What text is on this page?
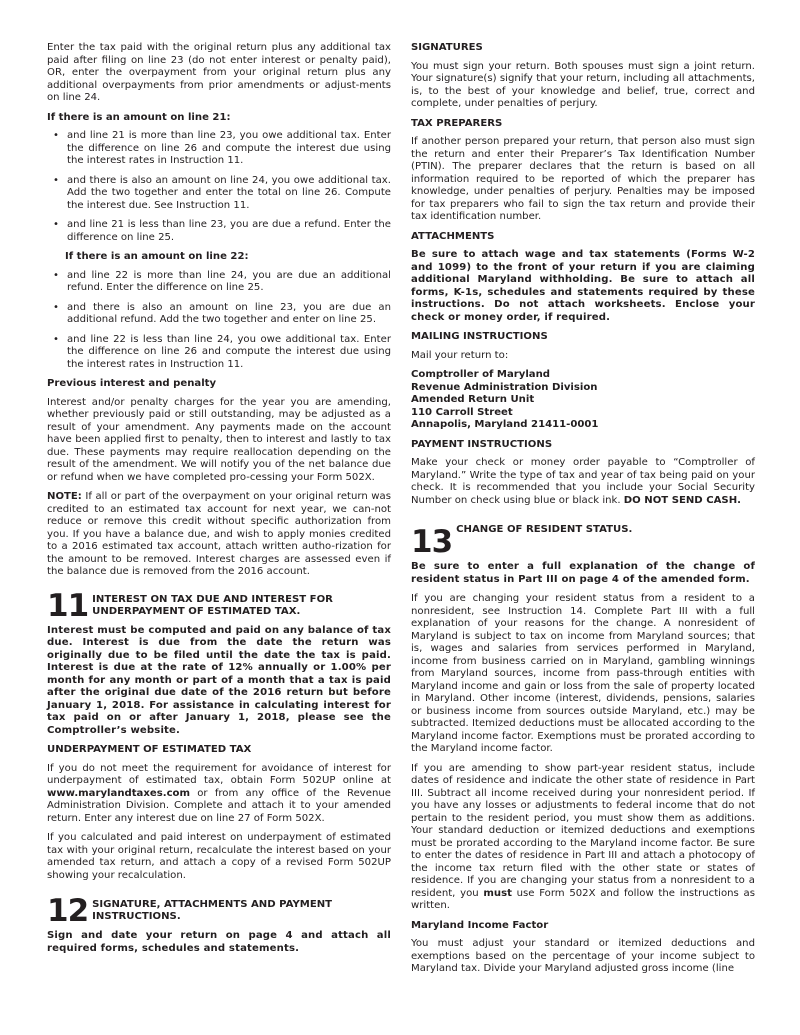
Enter the tax paid with the original return plus any additional tax paid after filing on line 23 (do not enter interest or penalty paid), OR, enter the overpayment from your original return plus any additional overpayments from prior amendments or adjust-ments on line 24.

If there is an amount on line 21:
• and line 21 is more than line 23, you owe additional tax. Enter the difference on line 26 and compute the interest due using the interest rates in Instruction 11.
• and there is also an amount on line 24, you owe additional tax. Add the two together and enter the total on line 26. Compute the interest due. See Instruction 11.
• and line 21 is less than line 23, you are due a refund. Enter the difference on line 25.
If there is an amount on line 22:
• and line 22 is more than line 24, you are due an additional refund. Enter the difference on line 25.
• and there is also an amount on line 23, you are due an additional refund. Add the two together and enter on line 25.
• and line 22 is less than line 24, you owe additional tax. Enter the difference on line 26 and compute the interest due using the interest rates in Instruction 11.
Previous interest and penalty

Interest and/or penalty charges for the year you are amending, whether previously paid or still outstanding, may be adjusted as a result of your amendment. Any payments made on the account have been applied first to penalty, then to interest and lastly to tax due. These payments may require reallocation depending on the result of the amendment. We will notify you of the net balance due or refund when we have completed pro-cessing your Form 502X.

NOTE: If all or part of the overpayment on your original return was credited to an estimated tax account for next year, we can-not reduce or remove this credit without specific authorization from you. If you have a balance due, and wish to apply monies credited to a 2016 estimated tax account, attach written autho-rization for the amount to be removed. Interest charges are assessed even if the balance due is removed from the 2016 account.

11 INTEREST ON TAX DUE AND INTEREST FOR UNDERPAYMENT OF ESTIMATED TAX.

Interest must be computed and paid on any balance of tax due. Interest is due from the date the return was originally due to be filed until the date the tax is paid. Interest is due at the rate of 12% annually or 1.00% per month for any month or part of a month that a tax is paid after the original due date of the 2016 return but before January 1, 2018. For assistance in calculating interest for tax paid on or after January 1, 2018, please see the Comptroller’s website.

UNDERPAYMENT OF ESTIMATED TAX

If you do not meet the requirement for avoidance of interest for underpayment of estimated tax, obtain Form 502UP online at www.marylandtaxes.com or from any office of the Revenue Administration Division. Complete and attach it to your amended return. Enter any interest due on line 27 of Form 502X.

If you calculated and paid interest on underpayment of estimated tax with your original return, recalculate the interest based on your amended tax return, and attach a copy of a revised Form 502UP showing your recalculation.

12 SIGNATURE, ATTACHMENTS AND PAYMENT INSTRUCTIONS.

Sign and date your return on page 4 and attach all required forms, schedules and statements.

SIGNATURES

You must sign your return. Both spouses must sign a joint return. Your signature(s) signify that your return, including all attachments, is, to the best of your knowledge and belief, true, correct and complete, under penalties of perjury.

TAX PREPARERS

If another person prepared your return, that person also must sign the return and enter their Preparer’s Tax Identification Number (PTIN). The preparer declares that the return is based on all information required to be reported of which the preparer has knowledge, under penalties of perjury. Penalties may be imposed for tax preparers who fail to sign the tax return and provide their tax identification number.

ATTACHMENTS

Be sure to attach wage and tax statements (Forms W-2 and 1099) to the front of your return if you are claiming additional Maryland withholding. Be sure to attach all forms, K-1s, schedules and statements required by these instructions. Do not attach worksheets. Enclose your check or money order, if required.

MAILING INSTRUCTIONS

Mail your return to:

Comptroller of Maryland
Revenue Administration Division
Amended Return Unit
110 Carroll Street
Annapolis, Maryland 21411-0001
PAYMENT INSTRUCTIONS

Make your check or money order payable to “Comptroller of Maryland.” Write the type of tax and year of tax being paid on your check. It is recommended that you include your Social Security Number on check using blue or black ink. DO NOT SEND CASH.

13 CHANGE OF RESIDENT STATUS.

Be sure to enter a full explanation of the change of resident status in Part III on page 4 of the amended form.

If you are changing your resident status from a resident to a nonresident, see Instruction 14. Complete Part III with a full explanation of your reasons for the change. A nonresident of Maryland is subject to tax on income from Maryland sources; that is, wages and salaries from services performed in Maryland, income from business carried on in Maryland, gambling winnings from Maryland sources, income from pass-through entities with Maryland income and gain or loss from the sale of property located in Maryland. Other income (interest, dividends, pensions, salaries or business income from sources outside Maryland, etc.) may be subtracted. Itemized deductions must be allocated according to the Maryland income factor. Exemptions must be prorated according to the Maryland income factor.

If you are amending to show part-year resident status, include dates of residence and indicate the other state of residence in Part III. Subtract all income received during your nonresident period. If you have any losses or adjustments to federal income that do not pertain to the resident period, you must show them as additions. Your standard deduction or itemized deductions and exemptions must be prorated according to the Maryland income factor. Be sure to enter the dates of residence in Part III and attach a photocopy of the income tax return filed with the other state or states of residence. If you are changing your status from a nonresident to a resident, you must use Form 502X and follow the instructions as written.

Maryland Income Factor

You must adjust your standard or itemized deductions and exemptions based on the percentage of your income subject to Maryland tax. Divide your Maryland adjusted gross income (line
